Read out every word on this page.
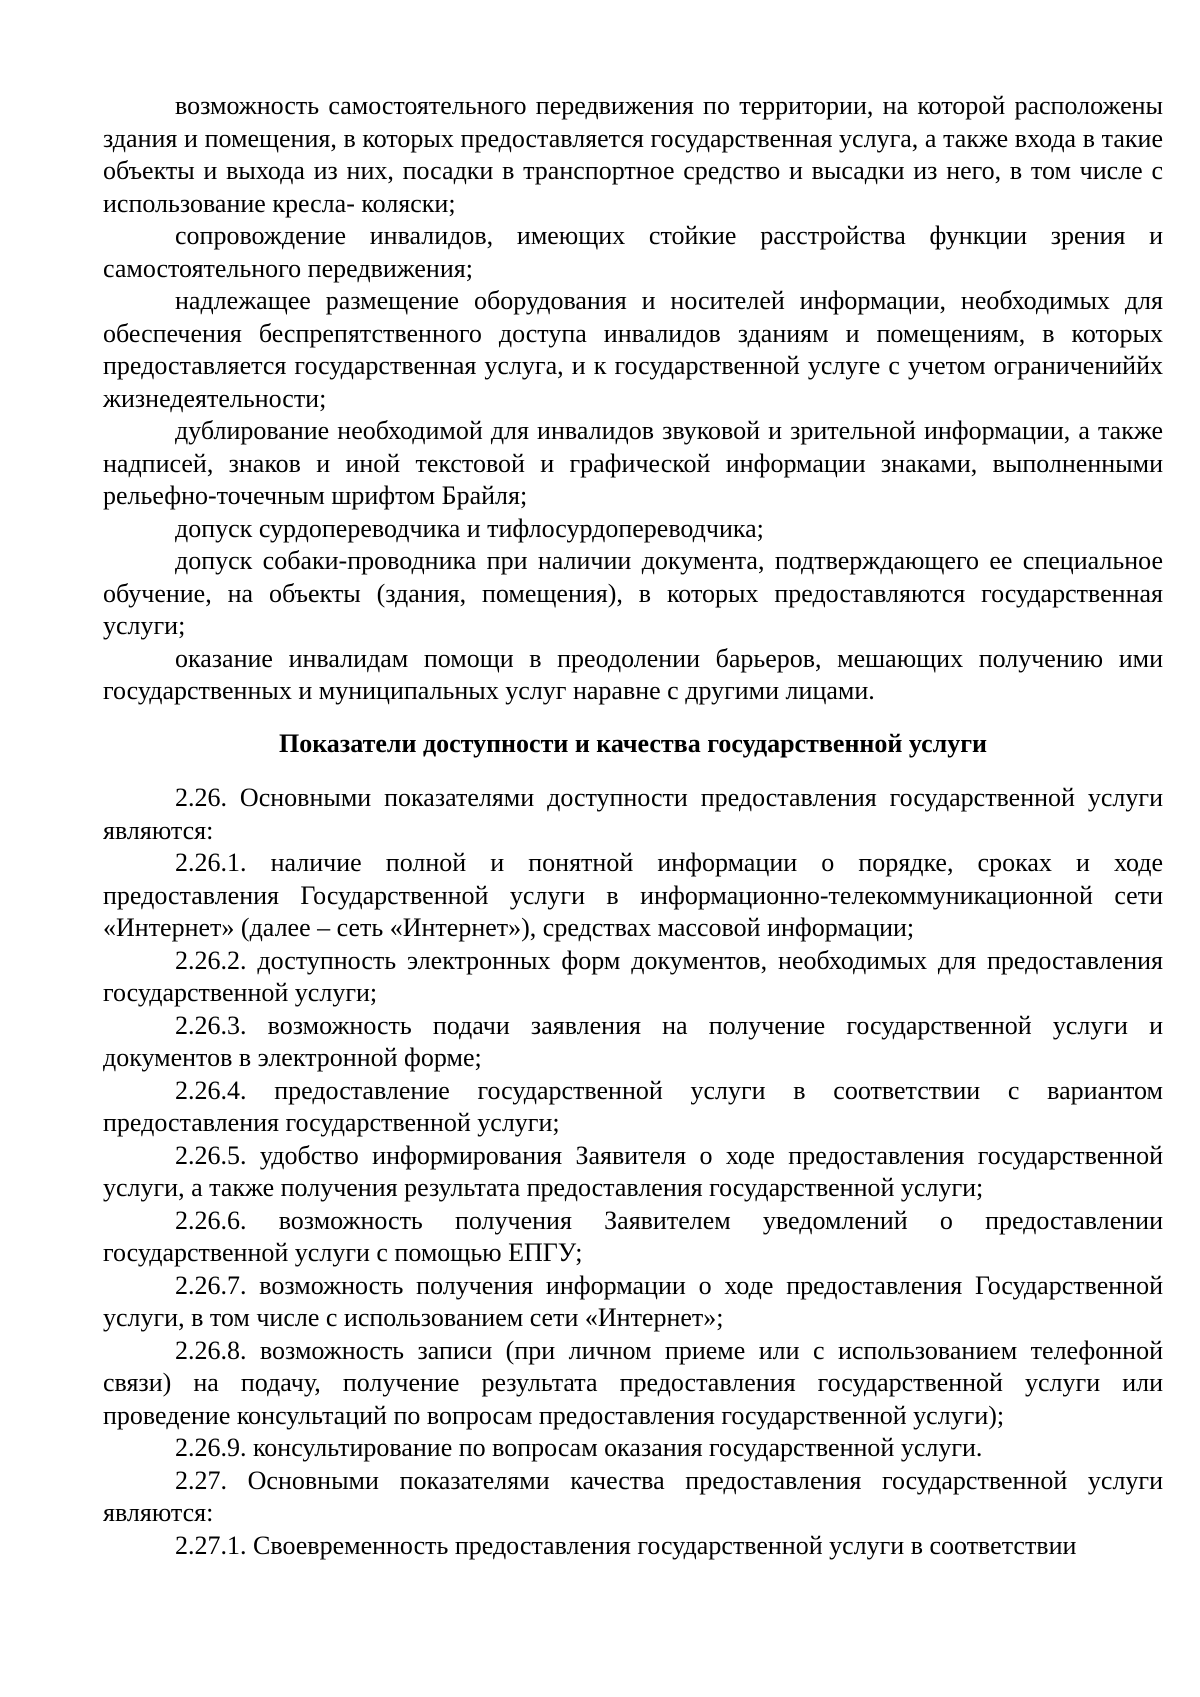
возможность самостоятельного передвижения по территории, на которой расположены здания и помещения, в которых предоставляется государственная услуга, а также входа в такие объекты и выхода из них, посадки в транспортное средство и высадки из него, в том числе с использование кресла- коляски;

сопровождение инвалидов, имеющих стойкие расстройства функции зрения и самостоятельного передвижения;

надлежащее размещение оборудования и носителей информации, необходимых для обеспечения беспрепятственного доступа инвалидов зданиям и помещениям, в которых предоставляется государственная услуга, и к государственной услуге с учетом ограничениййх жизнедеятельности;

дублирование необходимой для инвалидов звуковой и зрительной информации, а также надписей, знаков и иной текстовой и графической информации знаками, выполненными рельефно-точечным шрифтом Брайля;

допуск сурдопереводчика и тифлосурдопереводчика;

допуск собаки-проводника при наличии документа, подтверждающего ее специальное обучение, на объекты (здания, помещения), в которых предоставляются государственная услуги;

оказание инвалидам помощи в преодолении барьеров, мешающих получению ими государственных и муниципальных услуг наравне с другими лицами.

Показатели доступности и качества государственной услуги

2.26. Основными показателями доступности предоставления государственной услуги являются:

2.26.1. наличие полной и понятной информации о порядке, сроках и ходе предоставления Государственной услуги в информационно-телекоммуникационной сети «Интернет» (далее – сеть «Интернет»), средствах массовой информации;

2.26.2. доступность электронных форм документов, необходимых для предоставления государственной услуги;

2.26.3. возможность подачи заявления на получение государственной услуги и документов в электронной форме;

2.26.4. предоставление государственной услуги в соответствии с вариантом предоставления государственной услуги;

2.26.5. удобство информирования Заявителя о ходе предоставления государственной услуги, а также получения результата предоставления государственной услуги;

2.26.6. возможность получения Заявителем уведомлений о предоставлении государственной услуги с помощью ЕПГУ;

2.26.7. возможность получения информации о ходе предоставления Государственной услуги, в том числе с использованием сети «Интернет»;

2.26.8. возможность записи (при личном приеме или с использованием телефонной связи) на подачу, получение результата предоставления государственной услуги или проведение консультаций по вопросам предоставления государственной услуги);

2.26.9. консультирование по вопросам оказания государственной услуги.

2.27. Основными показателями качества предоставления государственной услуги являются:

2.27.1. Своевременность предоставления государственной услуги в соответствии
